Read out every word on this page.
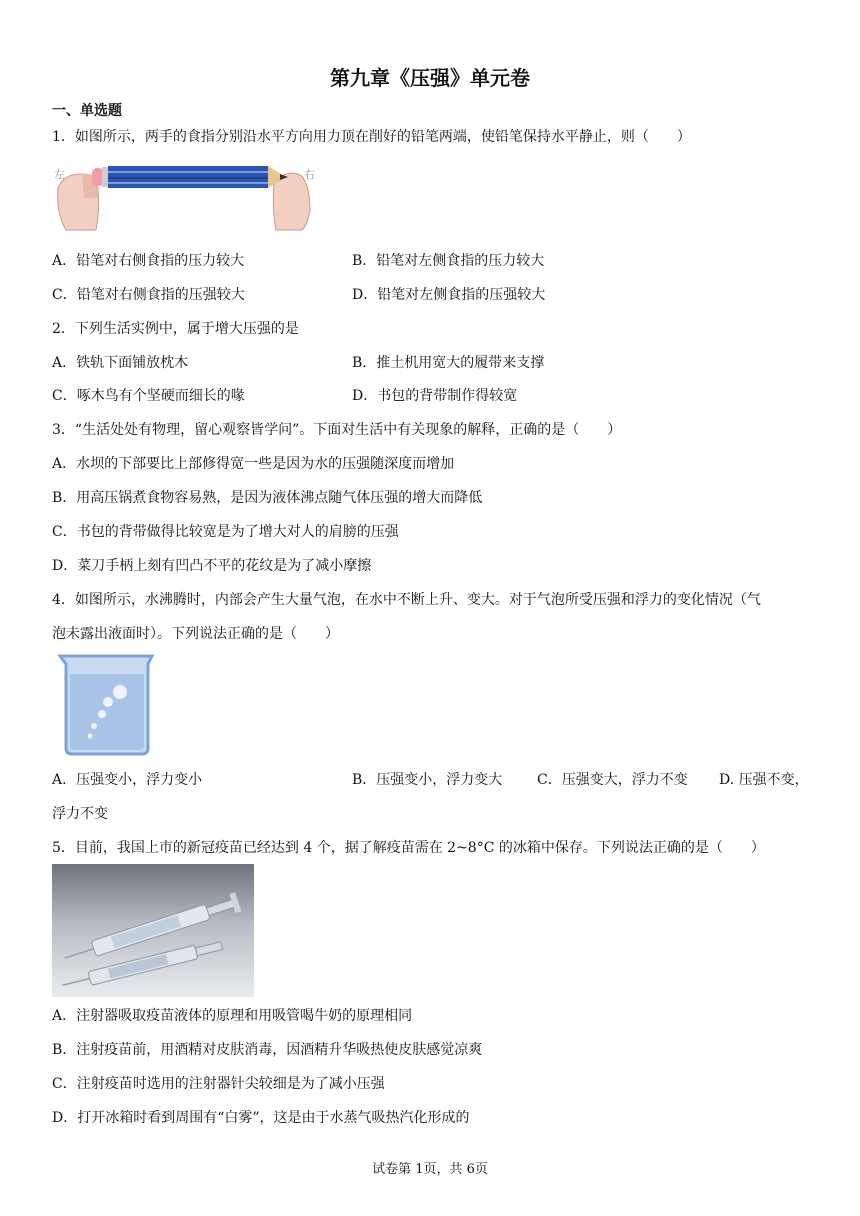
第九章《压强》单元卷
一、单选题
1．如图所示，两手的食指分别沿水平方向用力顶在削好的铅笔两端，使铅笔保持水平静止，则（　　）
左	右
A．铅笔对右侧食指的压力较大	B．铅笔对左侧食指的压力较大
C．铅笔对右侧食指的压强较大	D．铅笔对左侧食指的压强较大
2．下列生活实例中，属于增大压强的是
A．铁轨下面铺放枕木	B．推土机用宽大的履带来支撑
C．啄木鸟有个坚硬而细长的喙	D．书包的背带制作得较宽
3．“生活处处有物理，留心观察皆学问”。下面对生活中有关现象的解释，正确的是（　　）
A．水坝的下部要比上部修得宽一些是因为水的压强随深度而增加
B．用高压锅煮食物容易熟，是因为液体沸点随气体压强的增大而降低
C．书包的背带做得比较宽是为了增大对人的肩膀的压强
D．菜刀手柄上刻有凹凸不平的花纹是为了减小摩擦
4．如图所示，水沸腾时，内部会产生大量气泡，在水中不断上升、变大。对于气泡所受压强和浮力的变化情况（气
泡未露出液面时）。下列说法正确的是（　　）
A．压强变小，浮力变小	B．压强变小，浮力变大 C．压强变大，浮力不变 D. 压强不变，
浮力不变
5．目前，我国上市的新冠疫苗已经达到 4 个，据了解疫苗需在 2~8°C 的冰箱中保存。下列说法正确的是（　　）
A．注射器吸取疫苗液体的原理和用吸管喝牛奶的原理相同
B．注射疫苗前，用酒精对皮肤消毒，因酒精升华吸热使皮肤感觉凉爽
C．注射疫苗时选用的注射器针尖较细是为了减小压强
D．打开冰箱时看到周围有“白雾”，这是由于水蒸气吸热汽化形成的
试卷第 1页，共 6页
